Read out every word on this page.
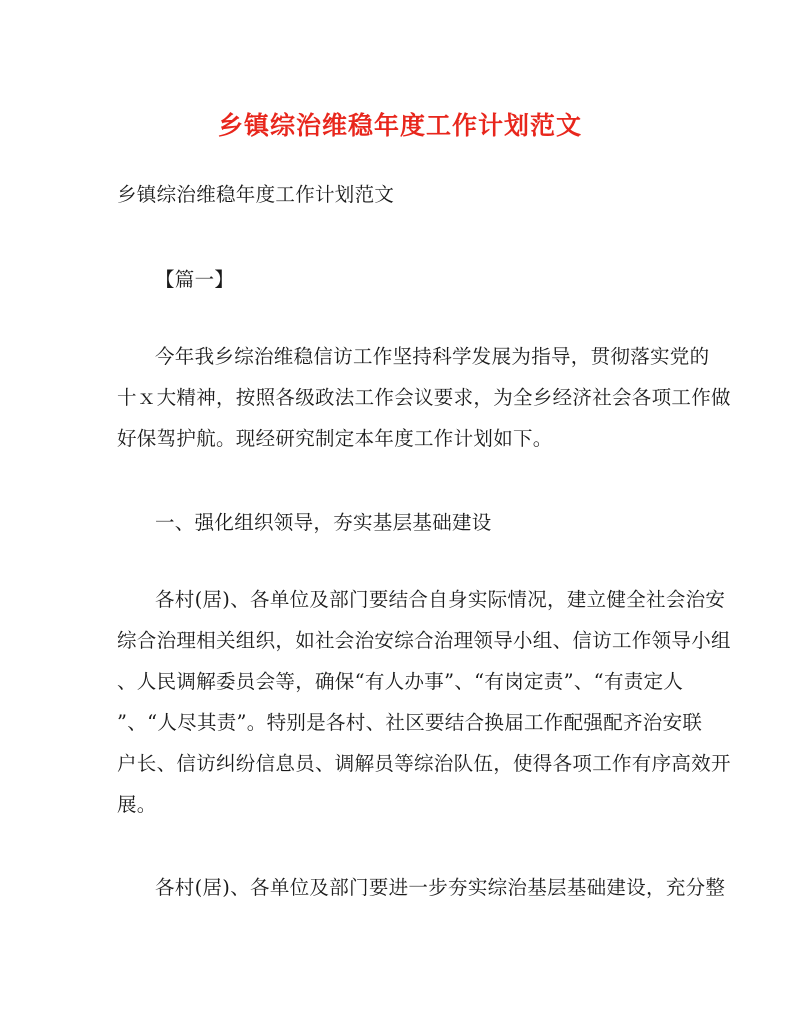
乡镇综治维稳年度工作计划范文
乡镇综治维稳年度工作计划范文
【篇一】
今年我乡综治维稳信访工作坚持科学发展为指导，贯彻落实党的
十ｘ大精神，按照各级政法工作会议要求，为全乡经济社会各项工作做
好保驾护航。现经研究制定本年度工作计划如下。
一、强化组织领导，夯实基层基础建设
各村(居)、各单位及部门要结合自身实际情况，建立健全社会治安
综合治理相关组织，如社会治安综合治理领导小组、信访工作领导小组
、人民调解委员会等，确保“有人办事”、“有岗定责”、“有责定人
”、“人尽其责”。特别是各村、社区要结合换届工作配强配齐治安联
户长、信访纠纷信息员、调解员等综治队伍，使得各项工作有序高效开
展。
各村(居)、各单位及部门要进一步夯实综治基层基础建设，充分整
